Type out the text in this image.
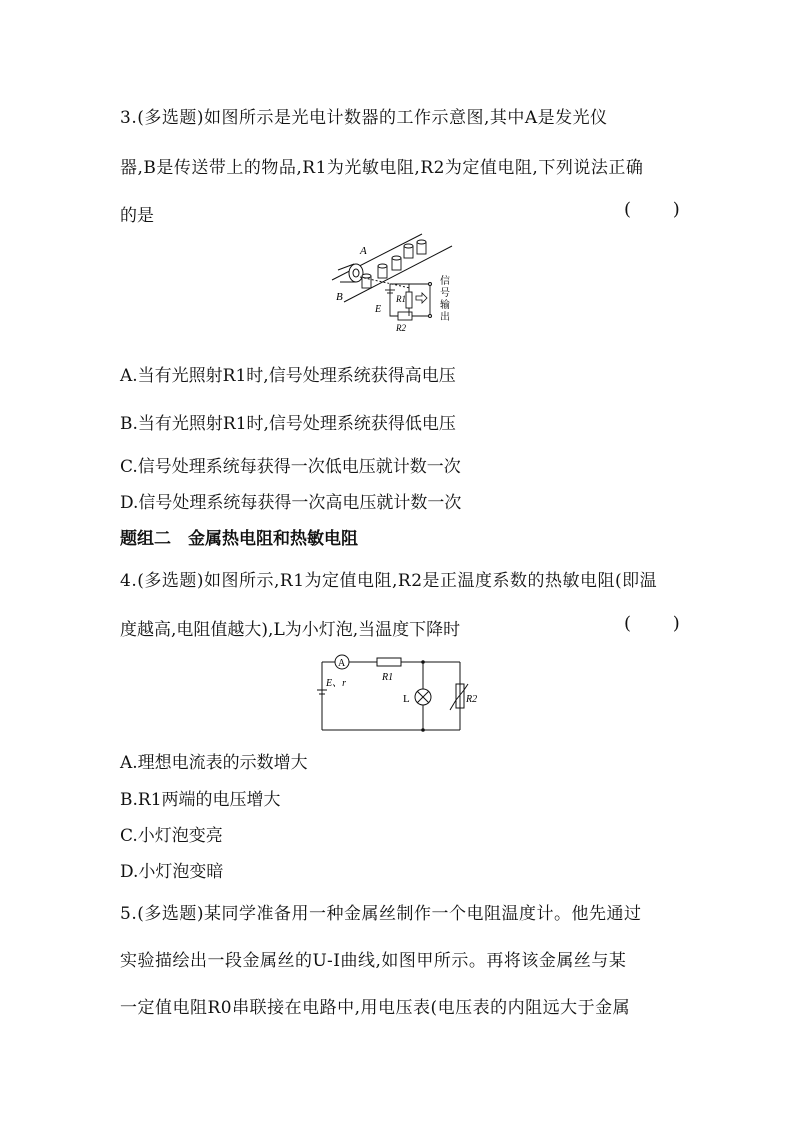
3.(多选题)如图所示是光电计数器的工作示意图,其中A是发光仪
器,B是传送带上的物品,R1为光敏电阻,R2为定值电阻,下列说法正确
的是	( )
A
B
E
R1
R2
信
号
输
出
A.当有光照射R1时,信号处理系统获得高电压
B.当有光照射R1时,信号处理系统获得低电压
C.信号处理系统每获得一次低电压就计数一次
D.信号处理系统每获得一次高电压就计数一次
题组二　金属热电阻和热敏电阻
4.(多选题)如图所示,R1为定值电阻,R2是正温度系数的热敏电阻(即温
度越高,电阻值越大),L为小灯泡,当温度下降时	( )
A
E、r
R1
L	R2
A.理想电流表的示数增大
B.R1两端的电压增大
C.小灯泡变亮
D.小灯泡变暗
5.(多选题)某同学准备用一种金属丝制作一个电阻温度计。他先通过
实验描绘出一段金属丝的U-I曲线,如图甲所示。再将该金属丝与某
一定值电阻R0串联接在电路中,用电压表(电压表的内阻远大于金属
